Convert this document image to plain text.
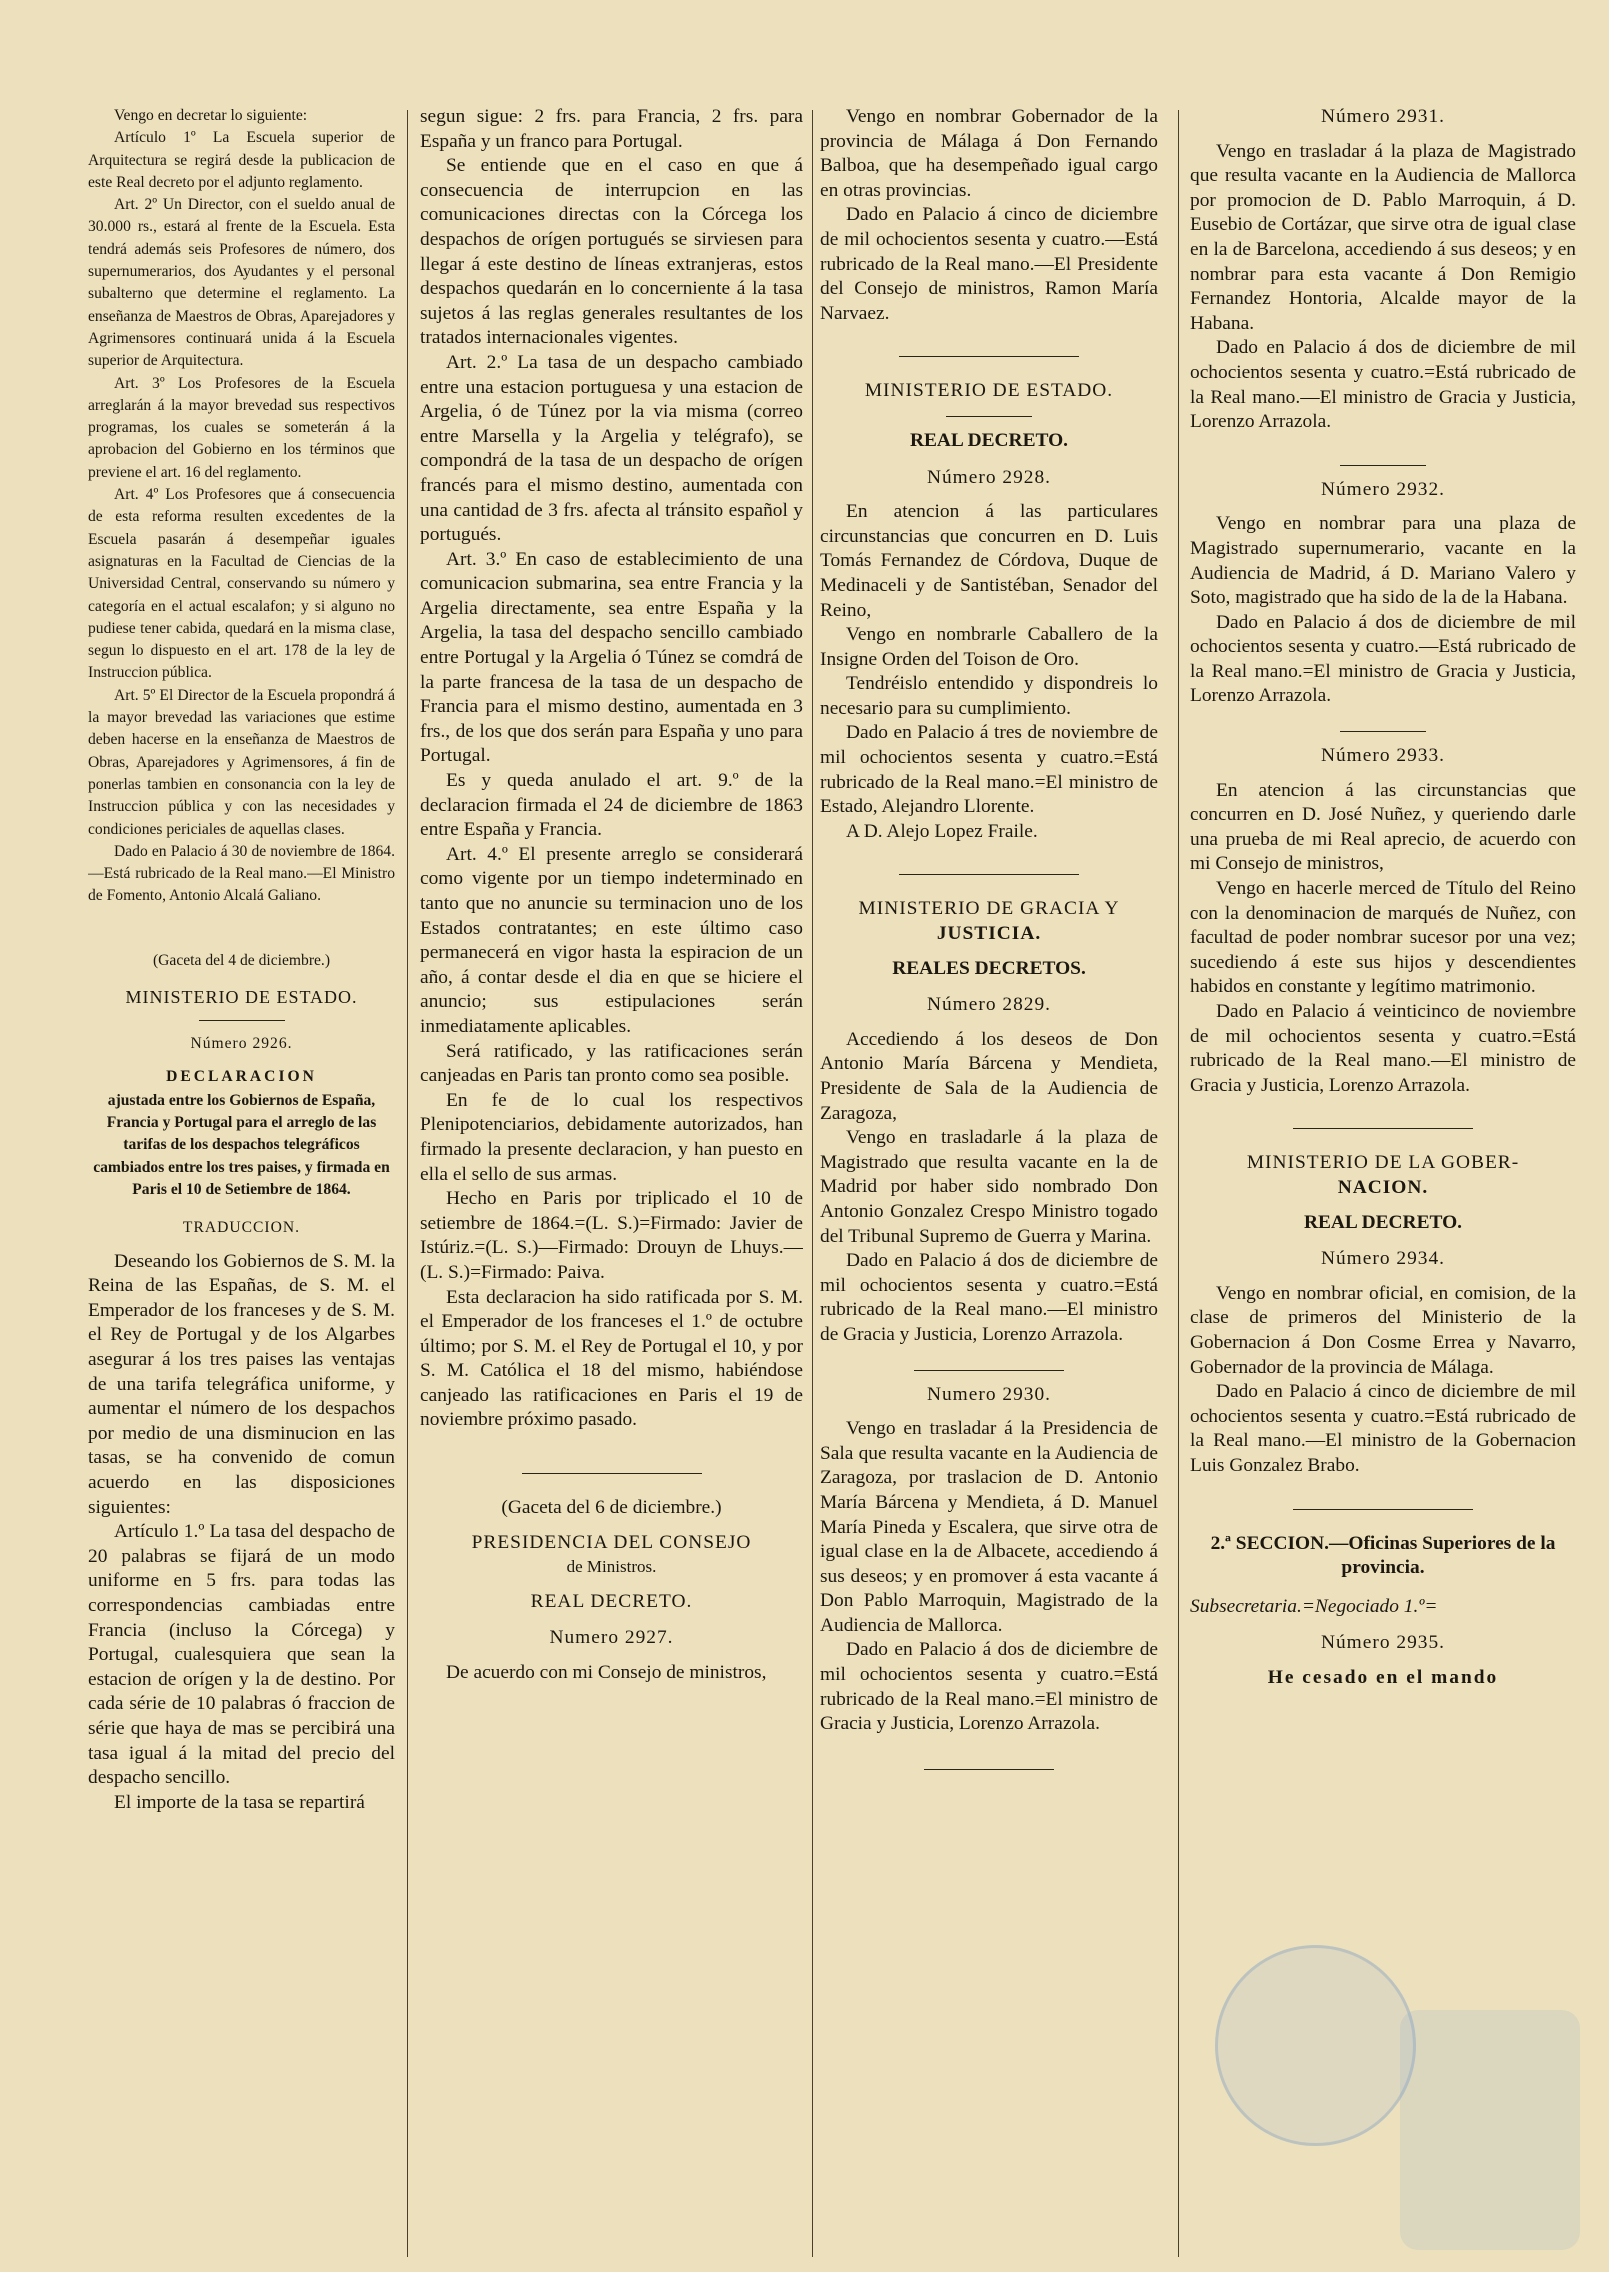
Vengo en decretar lo siguiente:

Artículo 1º La Escuela superior de Arquitectura se regirá desde la publicacion de este Real decreto por el adjunto reglamento.

Art. 2º Un Director, con el sueldo anual de 30.000 rs., estará al frente de la Escuela. Esta tendrá además seis Profesores de número, dos supernumerarios, dos Ayudantes y el personal subalterno que determine el reglamento. La enseñanza de Maestros de Obras, Aparejadores y Agrimensores continuará unida á la Escuela superior de Arquitectura.

Art. 3º Los Profesores de la Escuela arreglarán á la mayor brevedad sus respectivos programas, los cuales se someterán á la aprobacion del Gobierno en los términos que previene el art. 16 del reglamento.

Art. 4º Los Profesores que á consecuencia de esta reforma resulten excedentes de la Escuela pasarán á desempeñar iguales asignaturas en la Facultad de Ciencias de la Universidad Central, conservando su número y categoría en el actual escalafon; y si alguno no pudiese tener cabida, quedará en la misma clase, segun lo dispuesto en el art. 178 de la ley de Instruccion pública.

Art. 5º El Director de la Escuela propondrá á la mayor brevedad las variaciones que estime deben hacerse en la enseñanza de Maestros de Obras, Aparejadores y Agrimensores, á fin de ponerlas tambien en consonancia con la ley de Instruccion pública y con las necesidades y condiciones periciales de aquellas clases.

Dado en Palacio á 30 de noviembre de 1864.—Está rubricado de la Real mano.—El Ministro de Fomento, Antonio Alcalá Galiano.

(Gaceta del 4 de diciembre.)

MINISTERIO DE ESTADO.

Número 2926.

DECLARACION

ajustada entre los Gobiernos de España, Francia y Portugal para el arreglo de las tarifas de los despachos telegráficos cambiados entre los tres paises, y firmada en Paris el 10 de Setiembre de 1864.

TRADUCCION.

Deseando los Gobiernos de S. M. la Reina de las Españas, de S. M. el Emperador de los franceses y de S. M. el Rey de Portugal y de los Algarbes asegurar á los tres paises las ventajas de una tarifa telegráfica uniforme, y aumentar el número de los despachos por medio de una disminucion en las tasas, se ha convenido de comun acuerdo en las disposiciones siguientes:

Artículo 1.º La tasa del despacho de 20 palabras se fijará de un modo uniforme en 5 frs. para todas las correspondencias cambiadas entre Francia (incluso la Córcega) y Portugal, cualesquiera que sean la estacion de orígen y la de destino. Por cada série de 10 palabras ó fraccion de série que haya de mas se percibirá una tasa igual á la mitad del precio del despacho sencillo.

El importe de la tasa se repartirá

segun sigue: 2 frs. para Francia, 2 frs. para España y un franco para Portugal.

Se entiende que en el caso en que á consecuencia de interrupcion en las comunicaciones directas con la Córcega los despachos de orígen portugués se sirviesen para llegar á este destino de líneas extranjeras, estos despachos quedarán en lo concerniente á la tasa sujetos á las reglas generales resultantes de los tratados internacionales vigentes.

Art. 2.º La tasa de un despacho cambiado entre una estacion portuguesa y una estacion de Argelia, ó de Túnez por la via misma (correo entre Marsella y la Argelia y telégrafo), se compondrá de la tasa de un despacho de orígen francés para el mismo destino, aumentada con una cantidad de 3 frs. afecta al tránsito español y portugués.

Art. 3.º En caso de establecimiento de una comunicacion submarina, sea entre Francia y la Argelia directamente, sea entre España y la Argelia, la tasa del despacho sencillo cambiado entre Portugal y la Argelia ó Túnez se comdrá de la parte francesa de la tasa de un despacho de Francia para el mismo destino, aumentada en 3 frs., de los que dos serán para España y uno para Portugal.

Es y queda anulado el art. 9.º de la declaracion firmada el 24 de diciembre de 1863 entre España y Francia.

Art. 4.º El presente arreglo se considerará como vigente por un tiempo indeterminado en tanto que no anuncie su terminacion uno de los Estados contratantes; en este último caso permanecerá en vigor hasta la espiracion de un año, á contar desde el dia en que se hiciere el anuncio; sus estipulaciones serán inmediatamente aplicables.

Será ratificado, y las ratificaciones serán canjeadas en Paris tan pronto como sea posible.

En fe de lo cual los respectivos Plenipotenciarios, debidamente autorizados, han firmado la presente declaracion, y han puesto en ella el sello de sus armas.

Hecho en Paris por triplicado el 10 de setiembre de 1864.=(L. S.)=Firmado: Javier de Istúriz.=(L. S.)—Firmado: Drouyn de Lhuys.—(L. S.)=Firmado: Paiva.

Esta declaracion ha sido ratificada por S. M. el Emperador de los franceses el 1.º de octubre último; por S. M. el Rey de Portugal el 10, y por S. M. Católica el 18 del mismo, habiéndose canjeado las ratificaciones en Paris el 19 de noviembre próximo pasado.

(Gaceta del 6 de diciembre.)

PRESIDENCIA DEL CONSEJO

de Ministros.

REAL DECRETO.

Numero 2927.

De acuerdo con mi Consejo de ministros,

Vengo en nombrar Gobernador de la provincia de Málaga á Don Fernando Balboa, que ha desempeñado igual cargo en otras provincias.

Dado en Palacio á cinco de diciembre de mil ochocientos sesenta y cuatro.—Está rubricado de la Real mano.—El Presidente del Consejo de ministros, Ramon María Narvaez.

MINISTERIO DE ESTADO.

REAL DECRETO.

Número 2928.

En atencion á las particulares circunstancias que concurren en D. Luis Tomás Fernandez de Córdova, Duque de Medinaceli y de Santistéban, Senador del Reino,

Vengo en nombrarle Caballero de la Insigne Orden del Toison de Oro.

Tendréislo entendido y dispondreis lo necesario para su cumplimiento.

Dado en Palacio á tres de noviembre de mil ochocientos sesenta y cuatro.=Está rubricado de la Real mano.=El ministro de Estado, Alejandro Llorente.

A D. Alejo Lopez Fraile.

MINISTERIO DE GRACIA Y

JUSTICIA.

REALES DECRETOS.

Número 2829.

Accediendo á los deseos de Don Antonio María Bárcena y Mendieta, Presidente de Sala de la Audiencia de Zaragoza,

Vengo en trasladarle á la plaza de Magistrado que resulta vacante en la de Madrid por haber sido nombrado Don Antonio Gonzalez Crespo Ministro togado del Tribunal Supremo de Guerra y Marina.

Dado en Palacio á dos de diciembre de mil ochocientos sesenta y cuatro.=Está rubricado de la Real mano.—El ministro de Gracia y Justicia, Lorenzo Arrazola.

Numero 2930.

Vengo en trasladar á la Presidencia de Sala que resulta vacante en la Audiencia de Zaragoza, por traslacion de D. Antonio María Bárcena y Mendieta, á D. Manuel María Pineda y Escalera, que sirve otra de igual clase en la de Albacete, accediendo á sus deseos; y en promover á esta vacante á Don Pablo Marroquin, Magistrado de la Audiencia de Mallorca.

Dado en Palacio á dos de diciembre de mil ochocientos sesenta y cuatro.=Está rubricado de la Real mano.=El ministro de Gracia y Justicia, Lorenzo Arrazola.

Número 2931.

Vengo en trasladar á la plaza de Magistrado que resulta vacante en la Audiencia de Mallorca por promocion de D. Pablo Marroquin, á D. Eusebio de Cortázar, que sirve otra de igual clase en la de Barcelona, accediendo á sus deseos; y en nombrar para esta vacante á Don Remigio Fernandez Hontoria, Alcalde mayor de la Habana.

Dado en Palacio á dos de diciembre de mil ochocientos sesenta y cuatro.=Está rubricado de la Real mano.—El ministro de Gracia y Justicia, Lorenzo Arrazola.

Número 2932.

Vengo en nombrar para una plaza de Magistrado supernumerario, vacante en la Audiencia de Madrid, á D. Mariano Valero y Soto, magistrado que ha sido de la de la Habana.

Dado en Palacio á dos de diciembre de mil ochocientos sesenta y cuatro.—Está rubricado de la Real mano.=El ministro de Gracia y Justicia, Lorenzo Arrazola.

Número 2933.

En atencion á las circunstancias que concurren en D. José Nuñez, y queriendo darle una prueba de mi Real aprecio, de acuerdo con mi Consejo de ministros,

Vengo en hacerle merced de Título del Reino con la denominacion de marqués de Nuñez, con facultad de poder nombrar sucesor por una vez; sucediendo á este sus hijos y descendientes habidos en constante y legítimo matrimonio.

Dado en Palacio á veinticinco de noviembre de mil ochocientos sesenta y cuatro.=Está rubricado de la Real mano.—El ministro de Gracia y Justicia, Lorenzo Arrazola.

MINISTERIO DE LA GOBER-

NACION.

REAL DECRETO.

Número 2934.

Vengo en nombrar oficial, en comision, de la clase de primeros del Ministerio de la Gobernacion á Don Cosme Errea y Navarro, Gobernador de la provincia de Málaga.

Dado en Palacio á cinco de diciembre de mil ochocientos sesenta y cuatro.=Está rubricado de la Real mano.—El ministro de la Gobernacion Luis Gonzalez Brabo.

2.ª SECCION.—Oficinas Superiores de la provincia.

Subsecretaria.=Negociado 1.º=

Número 2935.

He cesado en el mando
